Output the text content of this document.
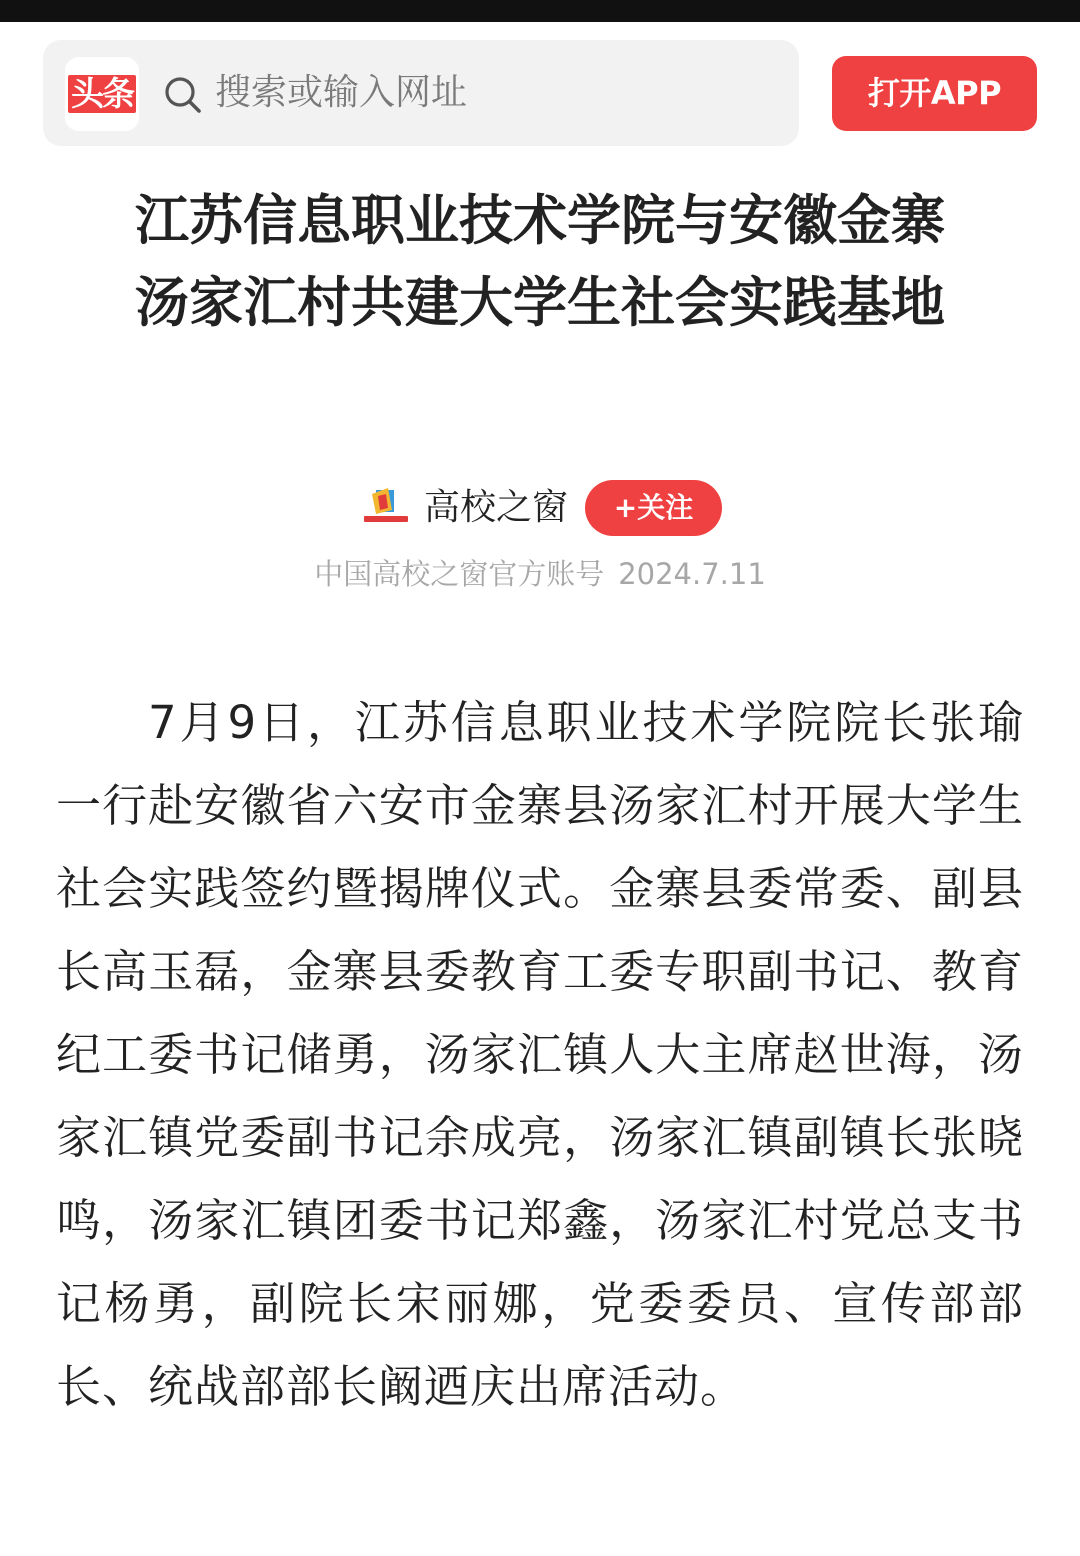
头条 搜索或输入网址	打开APP
江苏信息职业技术学院与安徽金寨汤家汇村共建大学生社会实践基地
高校之窗	+关注
中国高校之窗官方账号 2024.7.11

7月9日，江苏信息职业技术学院院长张瑜一行赴安徽省六安市金寨县汤家汇村开展大学生社会实践签约暨揭牌仪式。金寨县委常委、副县长高玉磊，金寨县委教育工委专职副书记、教育纪工委书记储勇，汤家汇镇人大主席赵世海，汤家汇镇党委副书记余成亮，汤家汇镇副镇长张晓鸣，汤家汇镇团委书记郑鑫，汤家汇村党总支书记杨勇，副院长宋丽娜，党委委员、宣传部部长、统战部部长阚迺庆出席活动。
